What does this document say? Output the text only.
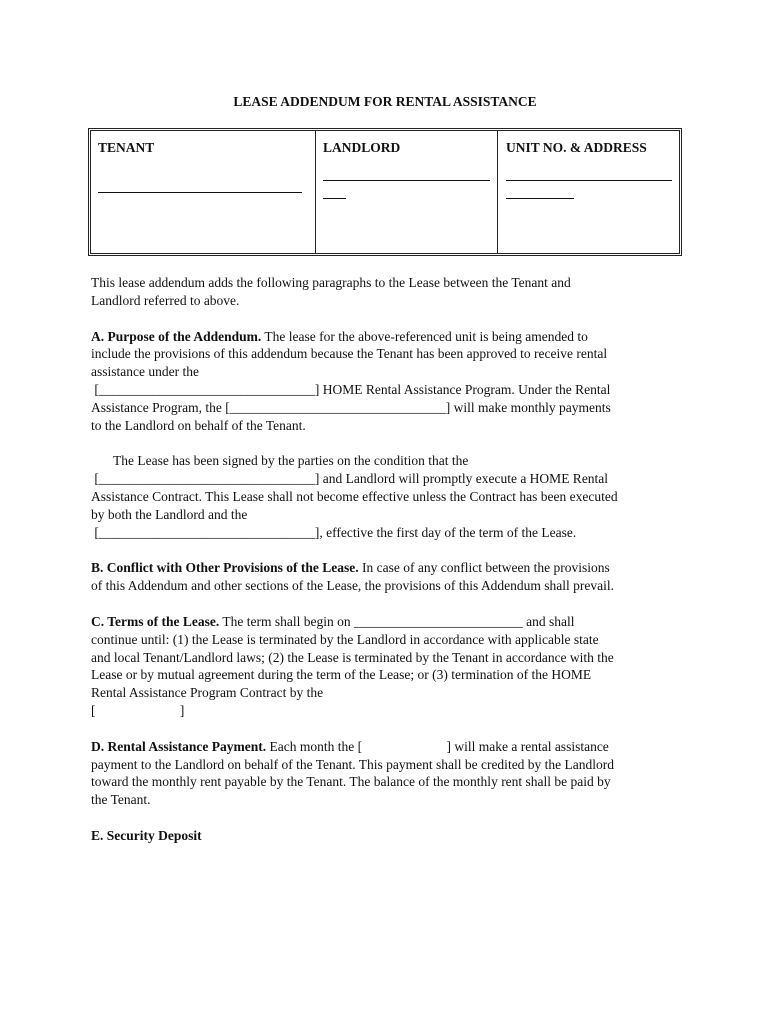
LEASE ADDENDUM FOR RENTAL ASSISTANCE
TENANT	LANDLORD	UNIT NO. & ADDRESS

This lease addendum adds the following paragraphs to the Lease between the Tenant and Landlord referred to above.

A. Purpose of the Addendum. The lease for the above-referenced unit is being amended to include the provisions of this addendum because the Tenant has been approved to receive rental assistance under the
[________________________________] HOME Rental Assistance Program. Under the Rental Assistance Program, the [________________________________] will make monthly payments to the Landlord on behalf of the Tenant.

The Lease has been signed by the parties on the condition that the
[________________________________] and Landlord will promptly execute a HOME Rental Assistance Contract. This Lease shall not become effective unless the Contract has been executed by both the Landlord and the
[________________________________], effective the first day of the term of the Lease.

B. Conflict with Other Provisions of the Lease. In case of any conflict between the provisions of this Addendum and other sections of the Lease, the provisions of this Addendum shall prevail.

C. Terms of the Lease. The term shall begin on _________________________ and shall continue until: (1) the Lease is terminated by the Landlord in accordance with applicable state and local Tenant/Landlord laws; (2) the Lease is terminated by the Tenant in accordance with the Lease or by mutual agreement during the term of the Lease; or (3) termination of the HOME Rental Assistance Program Contract by the
[                         ]

D. Rental Assistance Payment. Each month the [                         ] will make a rental assistance payment to the Landlord on behalf of the Tenant. This payment shall be credited by the Landlord toward the monthly rent payable by the Tenant. The balance of the monthly rent shall be paid by the Tenant.

E. Security Deposit
